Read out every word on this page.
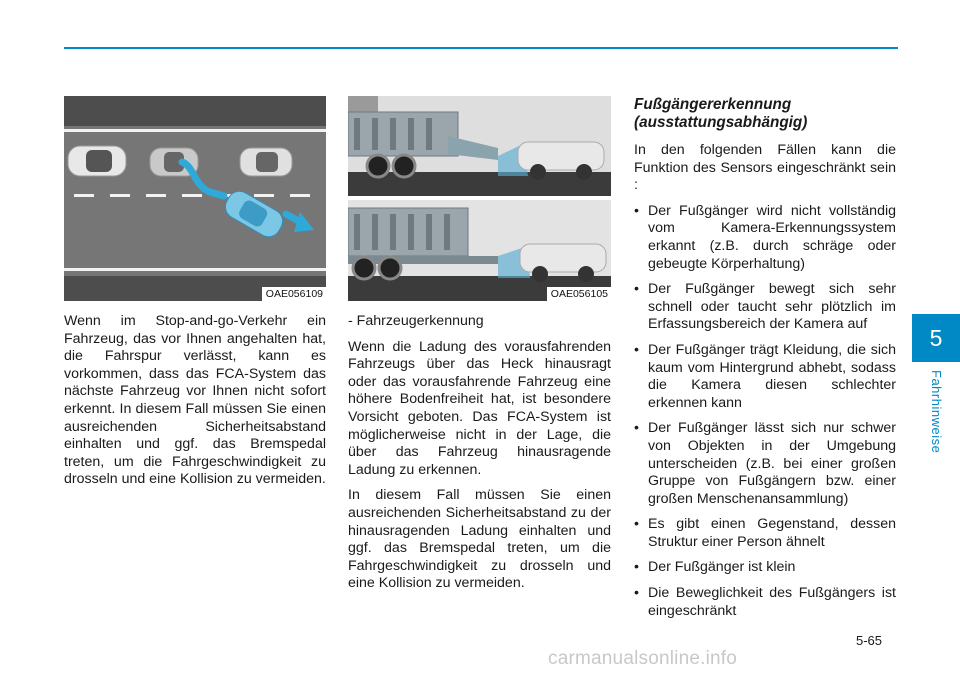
5
Fahrhinweise
OAE056109

Wenn im Stop-and-go-Verkehr ein Fahrzeug, das vor Ihnen angehalten hat, die Fahrspur verlässt, kann es vorkommen, dass das FCA-System das nächste Fahrzeug vor Ihnen nicht sofort erkennt. In diesem Fall müssen Sie einen ausreichenden Sicherheitsabstand einhalten und ggf. das Bremspedal treten, um die Fahrgeschwindigkeit zu drosseln und eine Kollision zu vermeiden.

OAE056105

- Fahrzeugerkennung

Wenn die Ladung des vorausfahrenden Fahrzeugs über das Heck hinausragt oder das vorausfahrende Fahrzeug eine höhere Bodenfreiheit hat, ist besondere Vorsicht geboten. Das FCA-System ist möglicherweise nicht in der Lage, die über das Fahrzeug hinausragende Ladung zu erkennen.

In diesem Fall müssen Sie einen ausreichenden Sicherheitsabstand zu der hinausragenden Ladung einhalten und ggf. das Bremspedal treten, um die Fahrgeschwindigkeit zu drosseln und eine Kollision zu vermeiden.

Fußgängererkennung (ausstattungsabhängig)

In den folgenden Fällen kann die Funktion des Sensors eingeschränkt sein :

• Der Fußgänger wird nicht vollständig vom Kamera-Erkennungssystem erkannt (z.B. durch schräge oder gebeugte Körperhaltung)
• Der Fußgänger bewegt sich sehr schnell oder taucht sehr plötzlich im Erfassungsbereich der Kamera auf
• Der Fußgänger trägt Kleidung, die sich kaum vom Hintergrund abhebt, sodass die Kamera diesen schlechter erkennen kann
• Der Fußgänger lässt sich nur schwer von Objekten in der Umgebung unterscheiden (z.B. bei einer großen Gruppe von Fußgängern bzw. einer großen Menschenansammlung)
• Es gibt einen Gegenstand, dessen Struktur einer Person ähnelt
• Der Fußgänger ist klein
• Die Beweglichkeit des Fußgängers ist eingeschränkt
5-65
carmanualsonline.info
